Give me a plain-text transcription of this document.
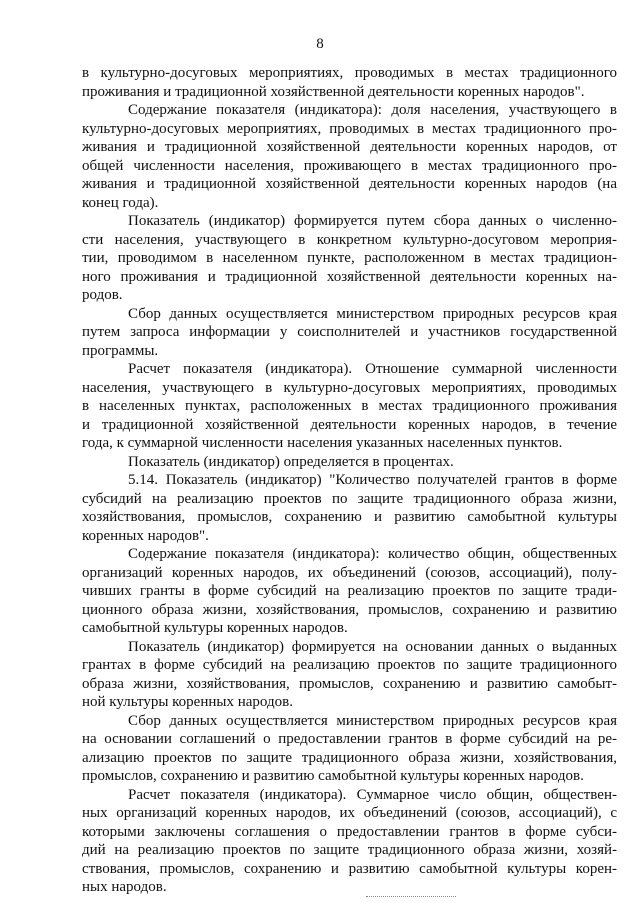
8
в культурно-досуговых мероприятиях, проводимых в местах традиционного
проживания и традиционной хозяйственной деятельности коренных народов".
Содержание показателя (индикатора): доля населения, участвующего в
культурно-досуговых мероприятиях, проводимых в местах традиционного про-
живания и традиционной хозяйственной деятельности коренных народов, от
общей численности населения, проживающего в местах традиционного про-
живания и традиционной хозяйственной деятельности коренных народов (на
конец года).
Показатель (индикатор) формируется путем сбора данных о численно-
сти населения, участвующего в конкретном культурно-досуговом мероприя-
тии, проводимом в населенном пункте, расположенном в местах традицион-
ного проживания и традиционной хозяйственной деятельности коренных на-
родов.
Сбор данных осуществляется министерством природных ресурсов края
путем запроса информации у соисполнителей и участников государственной
программы.
Расчет показателя (индикатора). Отношение суммарной численности
населения, участвующего в культурно-досуговых мероприятиях, проводимых
в населенных пунктах, расположенных в местах традиционного проживания
и традиционной хозяйственной деятельности коренных народов, в течение
года, к суммарной численности населения указанных населенных пунктов.
Показатель (индикатор) определяется в процентах.
5.14. Показатель (индикатор) "Количество получателей грантов в форме
субсидий на реализацию проектов по защите традиционного образа жизни,
хозяйствования, промыслов, сохранению и развитию самобытной культуры
коренных народов".
Содержание показателя (индикатора): количество общин, общественных
организаций коренных народов, их объединений (союзов, ассоциаций), полу-
чивших гранты в форме субсидий на реализацию проектов по защите тради-
ционного образа жизни, хозяйствования, промыслов, сохранению и развитию
самобытной культуры коренных народов.
Показатель (индикатор) формируется на основании данных о выданных
грантах в форме субсидий на реализацию проектов по защите традиционного
образа жизни, хозяйствования, промыслов, сохранению и развитию самобыт-
ной культуры коренных народов.
Сбор данных осуществляется министерством природных ресурсов края
на основании соглашений о предоставлении грантов в форме субсидий на ре-
ализацию проектов по защите традиционного образа жизни, хозяйствования,
промыслов, сохранению и развитию самобытной культуры коренных народов.
Расчет показателя (индикатора). Суммарное число общин, обществен-
ных организаций коренных народов, их объединений (союзов, ассоциаций), с
которыми заключены соглашения о предоставлении грантов в форме субси-
дий на реализацию проектов по защите традиционного образа жизни, хозяй-
ствования, промыслов, сохранению и развитию самобытной культуры корен-
ных народов.
